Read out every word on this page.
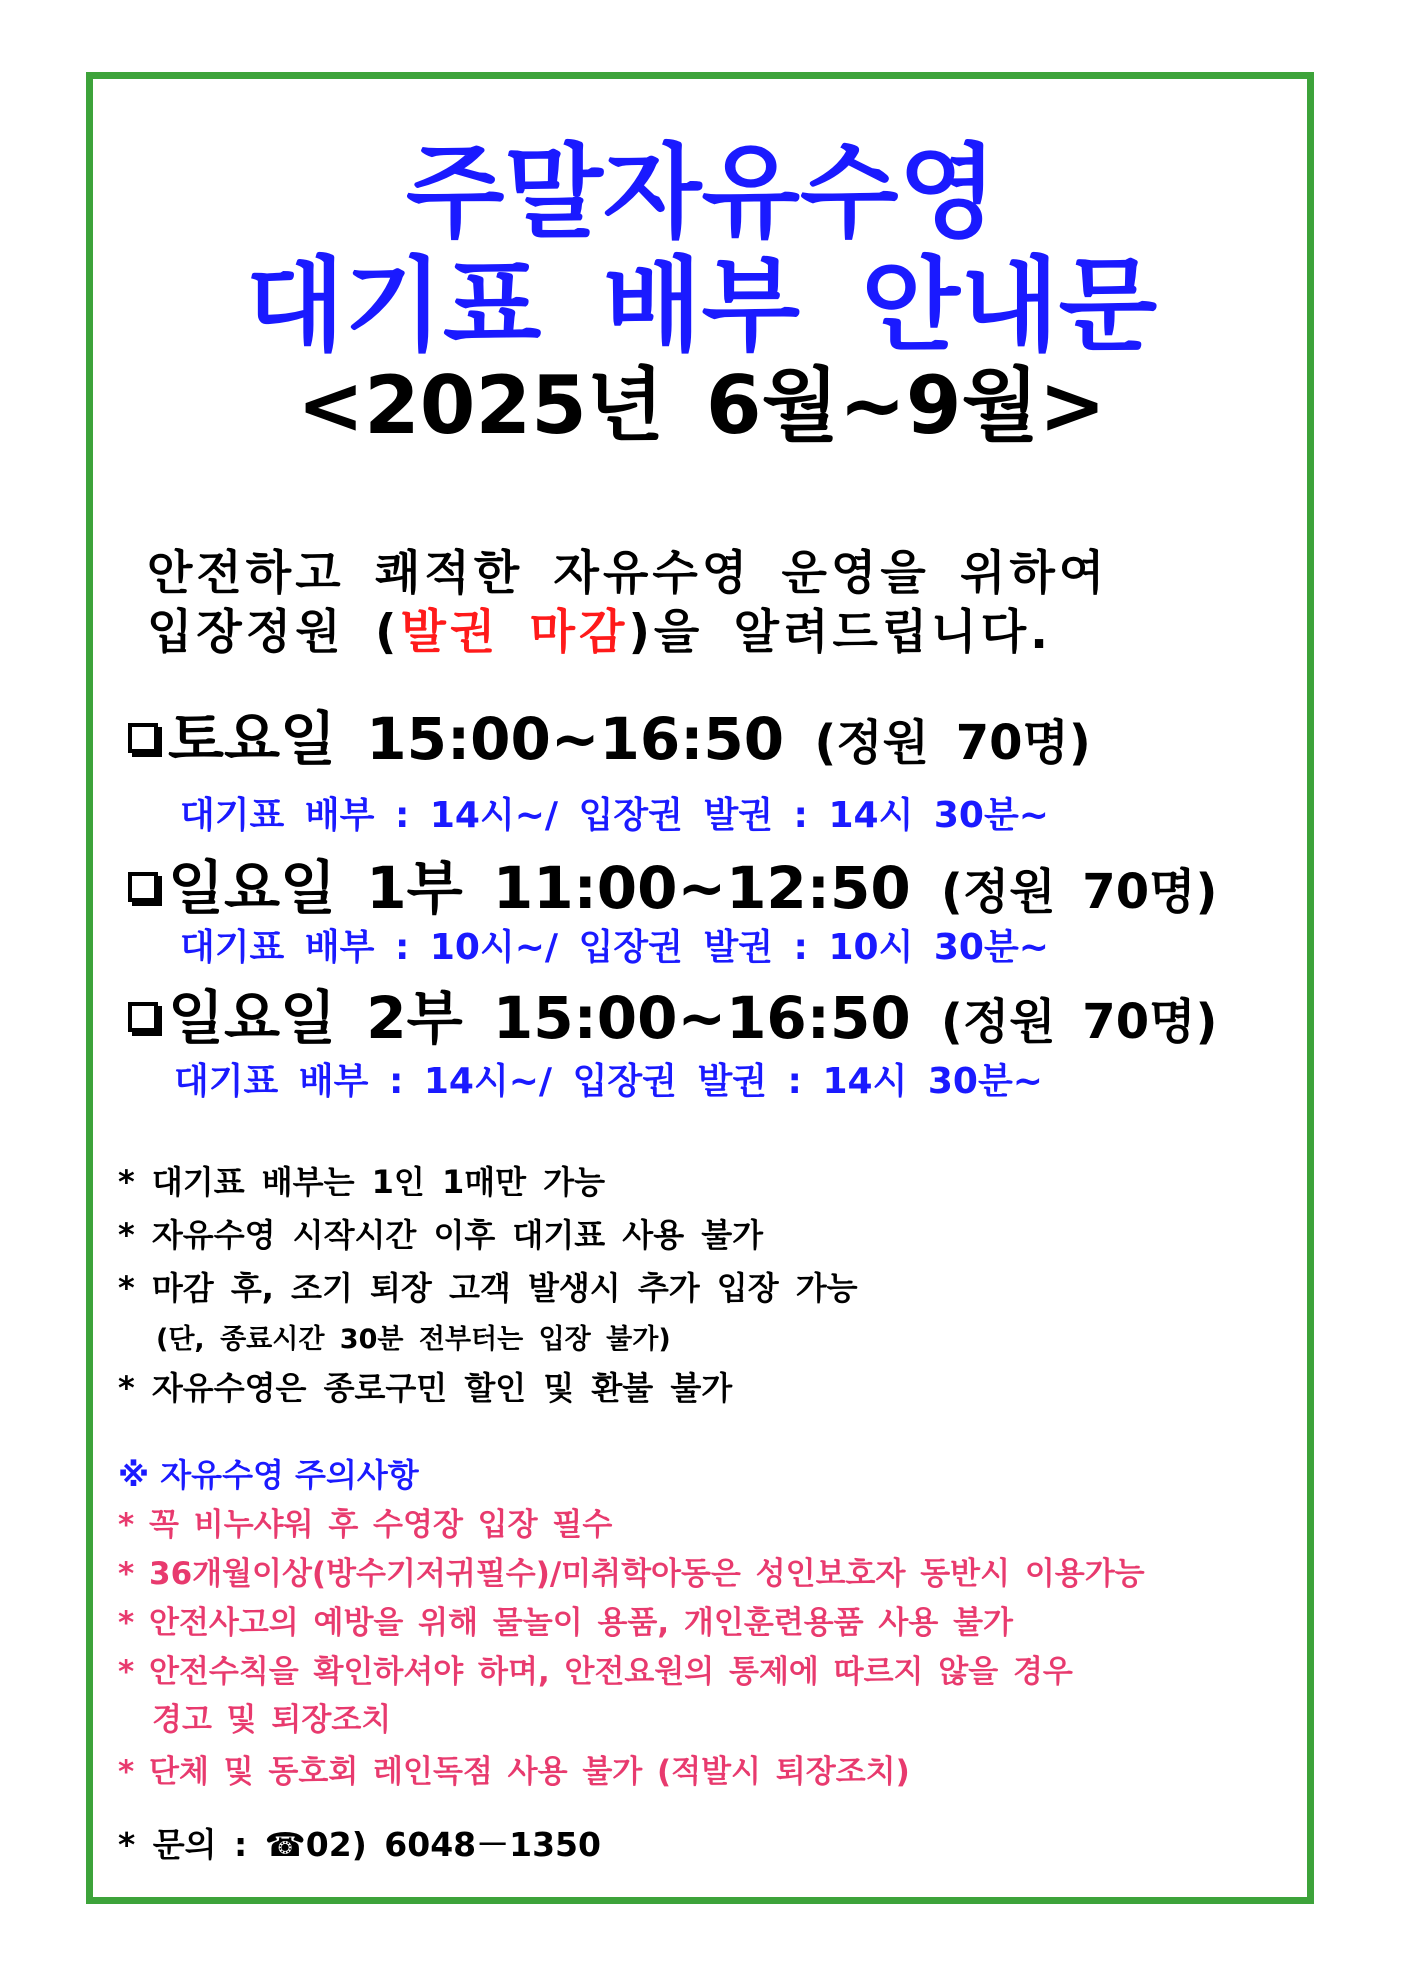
주말자유수영
대기표 배부 안내문
<2025년 6월~9월>
안전하고 쾌적한 자유수영 운영을 위하여
입장정원 (발권 마감)을 알려드립니다.
토요일 15:00~16:50 (정원 70명)
대기표 배부 : 14시~/ 입장권 발권 : 14시 30분~
일요일 1부 11:00~12:50 (정원 70명)
대기표 배부 : 10시~/ 입장권 발권 : 10시 30분~
일요일 2부 15:00~16:50 (정원 70명)
대기표 배부 : 14시~/ 입장권 발권 : 14시 30분~
* 대기표 배부는 1인 1매만 가능
* 자유수영 시작시간 이후 대기표 사용 불가
* 마감 후, 조기 퇴장 고객 발생시 추가 입장 가능
(단, 종료시간 30분 전부터는 입장 불가)
* 자유수영은 종로구민 할인 및 환불 불가
※ 자유수영 주의사항
* 꼭 비누샤워 후 수영장 입장 필수
* 36개월이상(방수기저귀필수)/미취학아동은 성인보호자 동반시 이용가능
* 안전사고의 예방을 위해 물놀이 용품, 개인훈련용품 사용 불가
* 안전수칙을 확인하셔야 하며, 안전요원의 통제에 따르지 않을 경우
경고 및 퇴장조치
* 단체 및 동호회 레인독점 사용 불가 (적발시 퇴장조치)
* 문의 : ☎02) 6048－1350
